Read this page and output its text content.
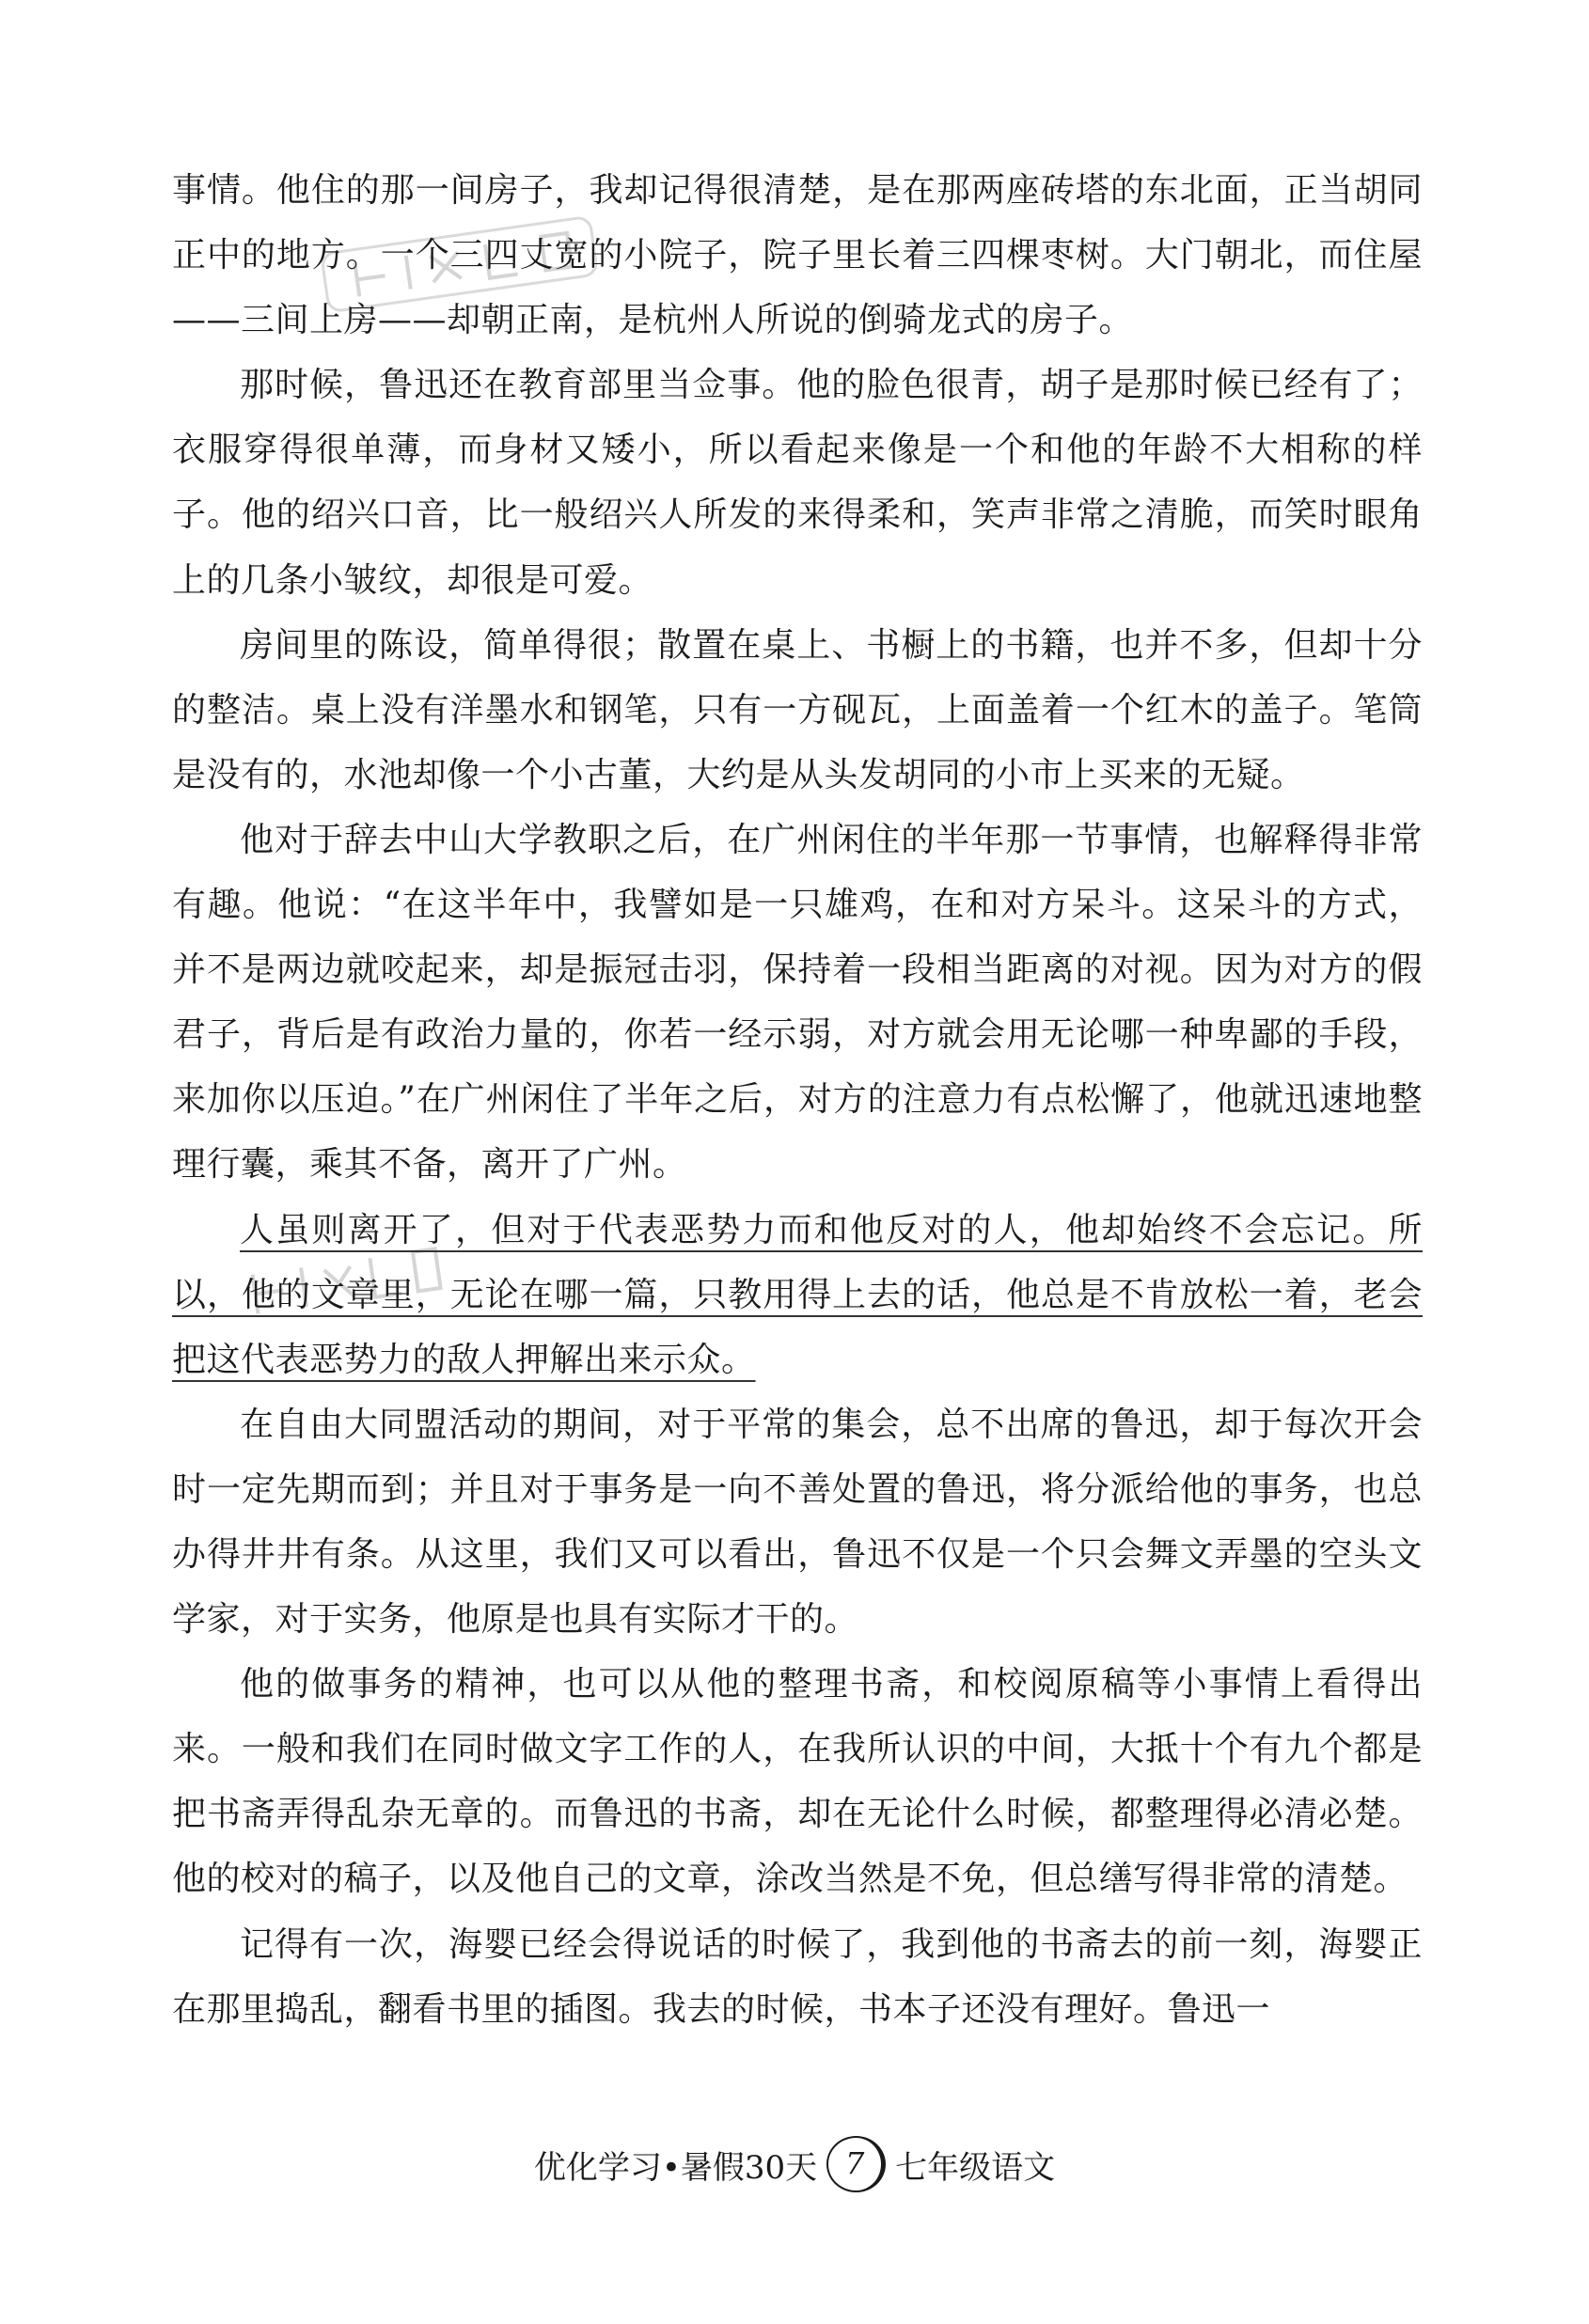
事情。他住的那一间房子，我却记得很清楚，是在那两座砖塔的东北面，正当胡同正中的地方。一个三四丈宽的小院子，院子里长着三四棵枣树。大门朝北，而住屋——三间上房——却朝正南，是杭州人所说的倒骑龙式的房子。

那时候，鲁迅还在教育部里当佥事。他的脸色很青，胡子是那时候已经有了；衣服穿得很单薄，而身材又矮小，所以看起来像是一个和他的年龄不大相称的样子。他的绍兴口音，比一般绍兴人所发的来得柔和，笑声非常之清脆，而笑时眼角上的几条小皱纹，却很是可爱。

房间里的陈设，简单得很；散置在桌上、书橱上的书籍，也并不多，但却十分的整洁。桌上没有洋墨水和钢笔，只有一方砚瓦，上面盖着一个红木的盖子。笔筒是没有的，水池却像一个小古董，大约是从头发胡同的小市上买来的无疑。

他对于辞去中山大学教职之后，在广州闲住的半年那一节事情，也解释得非常有趣。他说：“在这半年中，我譬如是一只雄鸡，在和对方呆斗。这呆斗的方式，并不是两边就咬起来，却是振冠击羽，保持着一段相当距离的对视。因为对方的假君子，背后是有政治力量的，你若一经示弱，对方就会用无论哪一种卑鄙的手段，来加你以压迫。”在广州闲住了半年之后，对方的注意力有点松懈了，他就迅速地整理行囊，乘其不备，离开了广州。

人虽则离开了，但对于代表恶势力而和他反对的人，他却始终不会忘记。所以，他的文章里，无论在哪一篇，只教用得上去的话，他总是不肯放松一着，老会把这代表恶势力的敌人押解出来示众。

在自由大同盟活动的期间，对于平常的集会，总不出席的鲁迅，却于每次开会时一定先期而到；并且对于事务是一向不善处置的鲁迅，将分派给他的事务，也总办得井井有条。从这里，我们又可以看出，鲁迅不仅是一个只会舞文弄墨的空头文学家，对于实务，他原是也具有实际才干的。

他的做事务的精神，也可以从他的整理书斋，和校阅原稿等小事情上看得出来。一般和我们在同时做文字工作的人，在我所认识的中间，大抵十个有九个都是把书斋弄得乱杂无章的。而鲁迅的书斋，却在无论什么时候，都整理得必清必楚。他的校对的稿子，以及他自己的文章，涂改当然是不免，但总缮写得非常的清楚。

记得有一次，海婴已经会得说话的时候了，我到他的书斋去的前一刻，海婴正在那里捣乱，翻看书里的插图。我去的时候，书本子还没有理好。鲁迅一

优化学习•暑假30天 7 七年级语文
